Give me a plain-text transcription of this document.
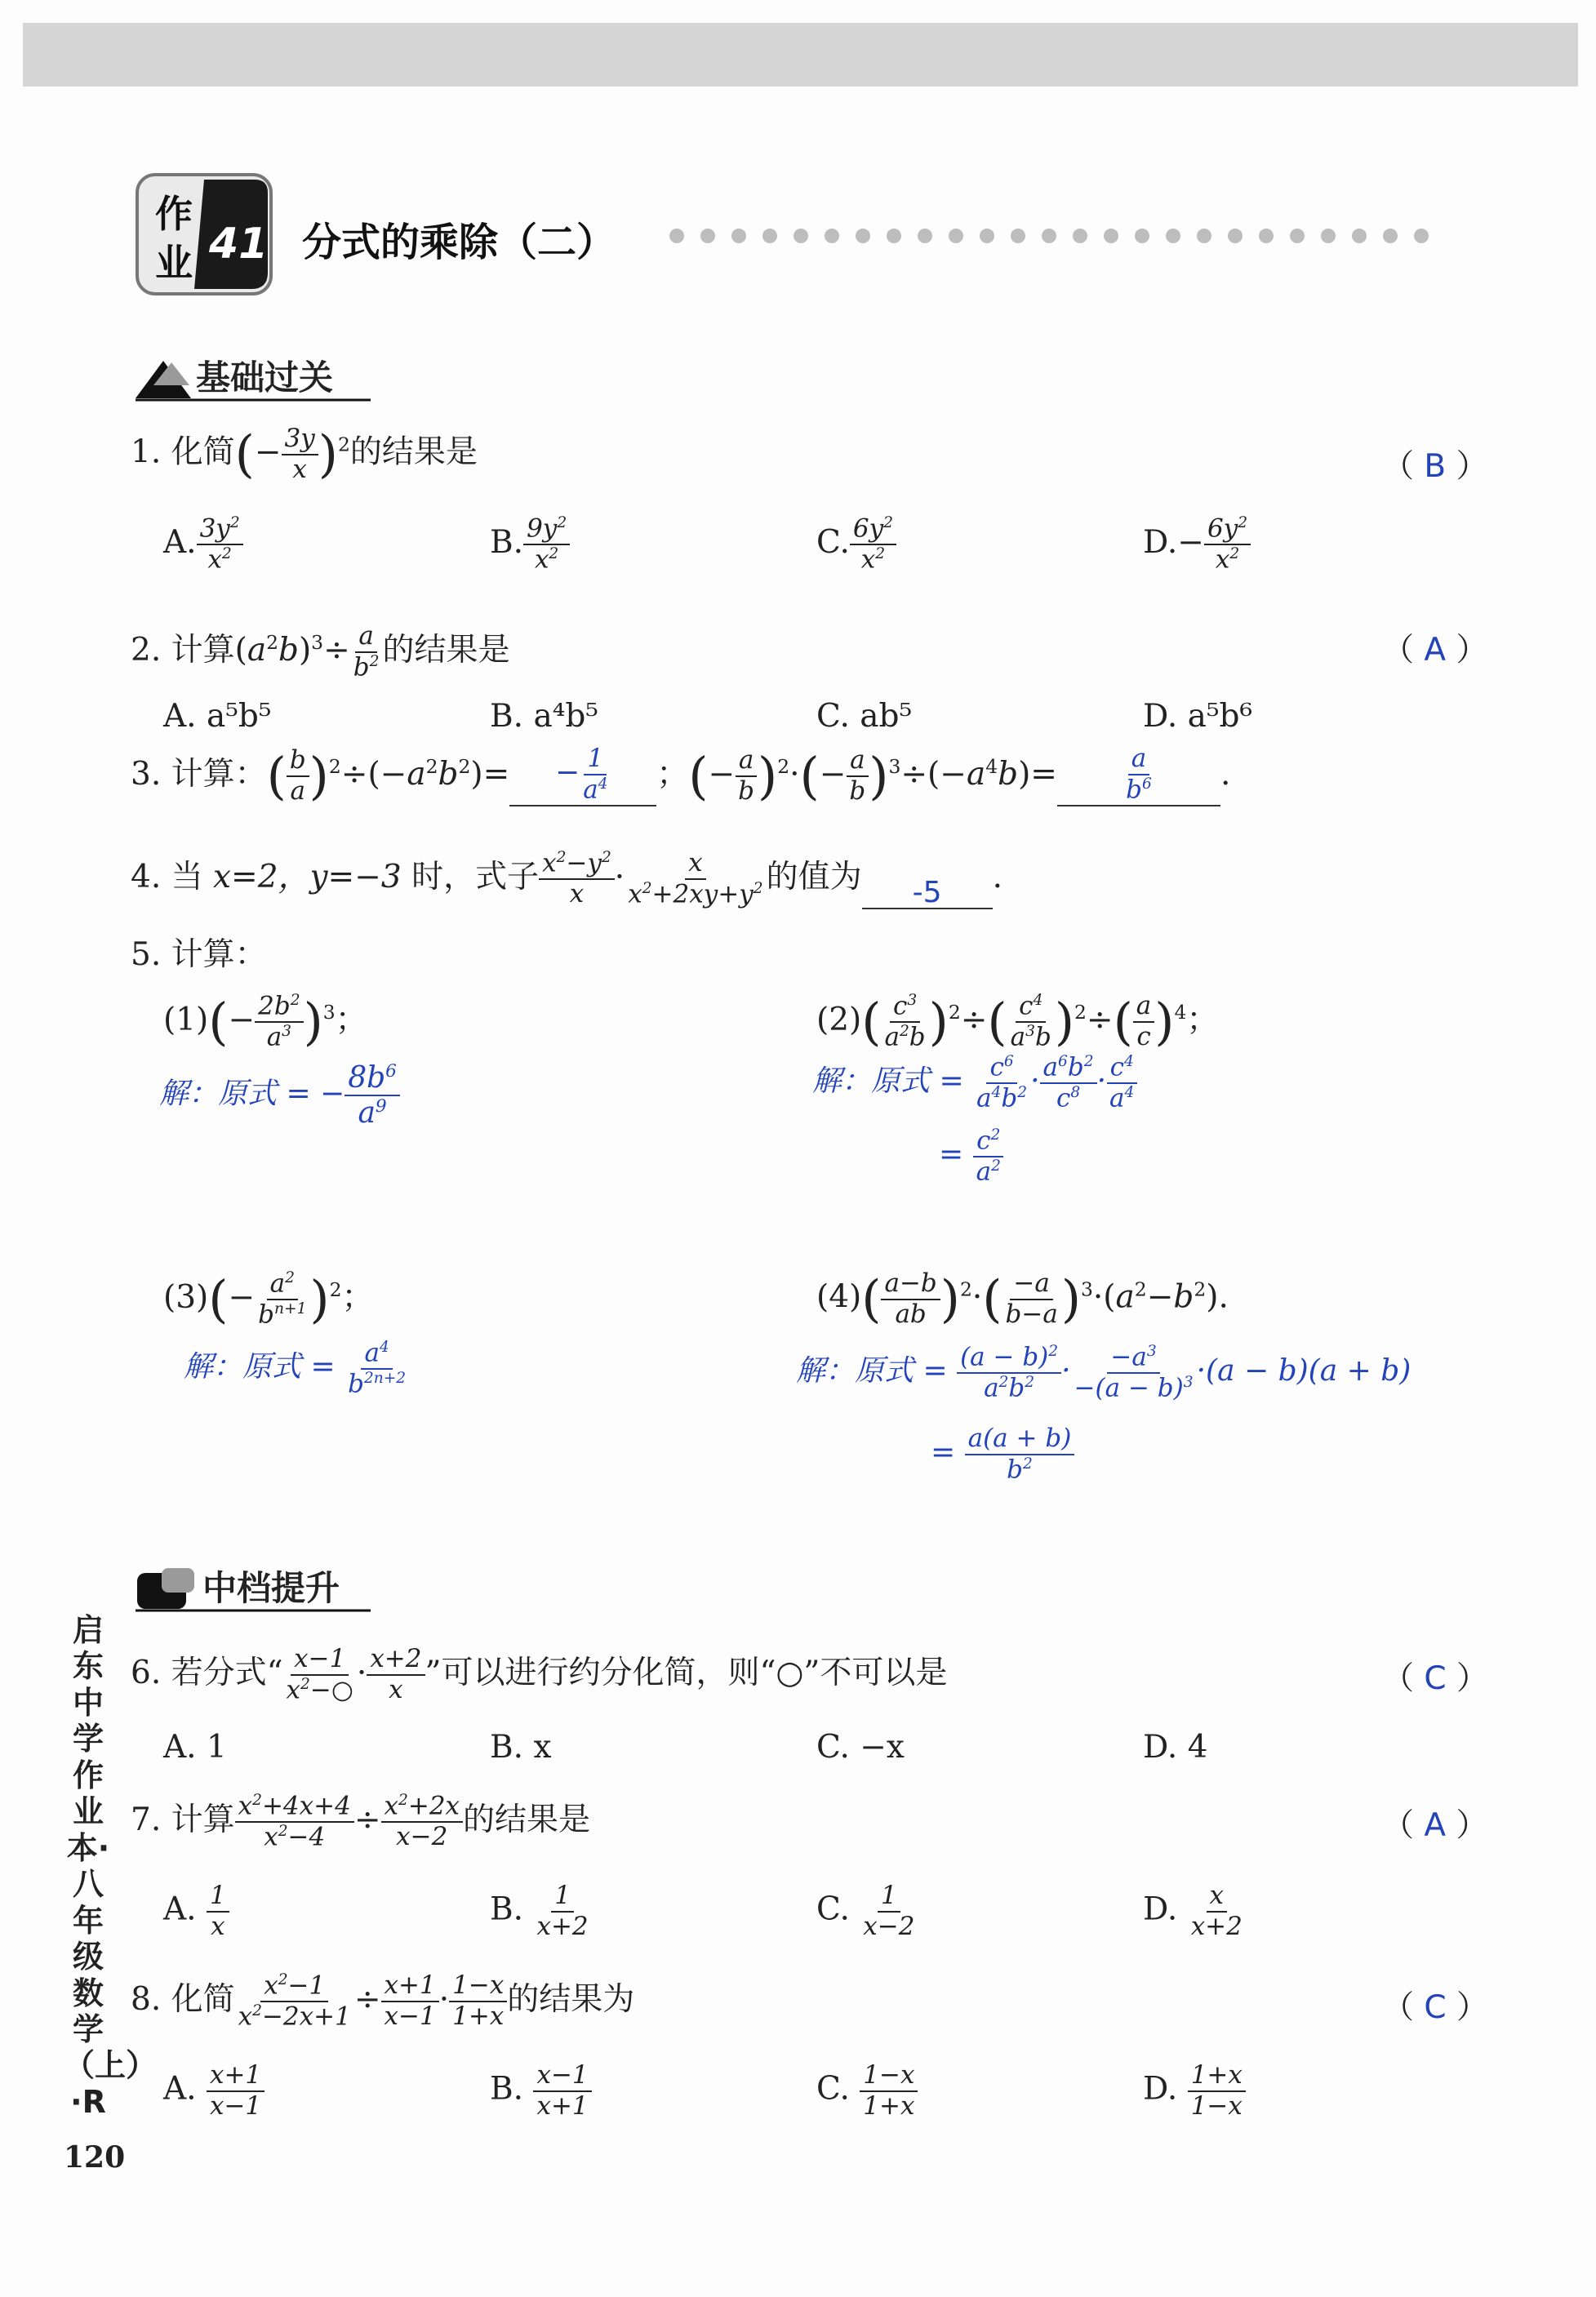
作
业 41 分式的乘除（二）
基础过关
1. 化简(− $\frac{3y}{x} )^2$的结果是	（ B ）
A. $\frac{3y^2}{x^2}$	B. $\frac{9y^2}{x^2}$	C. $\frac{6y^2}{x^2}$	$D.- \frac{6y^2}{x^2}$
2. 计算$(a^2b)^3\div \frac{a}{b^2}$ 的结果是	（ A ）
A. a⁵b⁵	B. a⁴b⁵	C. ab⁵	D. a⁵b⁶
3. 计算：( $\frac{b}{a} )^2\div(-a^2b^2)= - \frac{1}{a^4}$ ；(− $\frac{a}{b} )^2\cdot(- \frac{a}{b} )^3\div(-a^4b)=$	$\frac{a}{b^6}$ .
4. 当 x=2，y=−3 时，式子 $\frac{x^2-y^2}{x} \cdot \frac{x}{x^2+2xy+y^2}$ 的值为 -5 .
5. 计算：
$(1)(- \frac{2b^2}{a^3} )^3$；
解：原式 = − $\frac{8b^6}{a^9}$
$(2)( \frac{c^3}{a^2b} )^2\div( \frac{c^4}{a^3b} )^2\div( \frac{a}{c} )^4$；
解：原式 = $\frac{c^6}{a^4b^2} \cdot \frac{a^6b^2}{c^8} \cdot \frac{c^4}{a^4}$
= $\frac{c^2}{a^2}$
$(3)(- \frac{a^2}{b^{n+1}} )^2$；
解：原式 = $\frac{a^4}{b^{2n+2}}$
$(4)( \frac{a-b}{ab} )^2\cdot( \frac{-a}{b-a} )^3\cdot(a^2-b^2)$.
解：原式 = $\frac{(a - b)^2}{a^2b^2} \cdot \frac{-a^3}{-(a - b)^3} \cdot(a - b)(a + b)$
= $\frac{a(a + b)}{b^2}$
中档提升
6. 若分式“ $\frac{x-1}{x^2-○} \cdot \frac{x+2}{x}$ ”可以进行约分化简，则“○”不可以是	（ C ）
A. 1	B. x	C. −x	D. 4
7. 计算 $\frac{x^2+4x+4}{x^2-4} \div \frac{x^2+2x}{x-2}$ 的结果是	（ A ）
A. $\frac{1}{x}$	B. $\frac{1}{x+2}$	C. $\frac{1}{x-2}$	D. $\frac{x}{x+2}$
8. 化简 $\frac{x^2-1}{x^2-2x+1} \div \frac{x+1}{x-1} \cdot \frac{1-x}{1+x}$ 的结果为	（ C ）
A. $\frac{x+1}{x-1}$	B. $\frac{x-1}{x+1}$	C. $\frac{1-x}{1+x}$	D. $\frac{1+x}{1-x}$
启东中学作业本·八年级数学（上）·R
120
